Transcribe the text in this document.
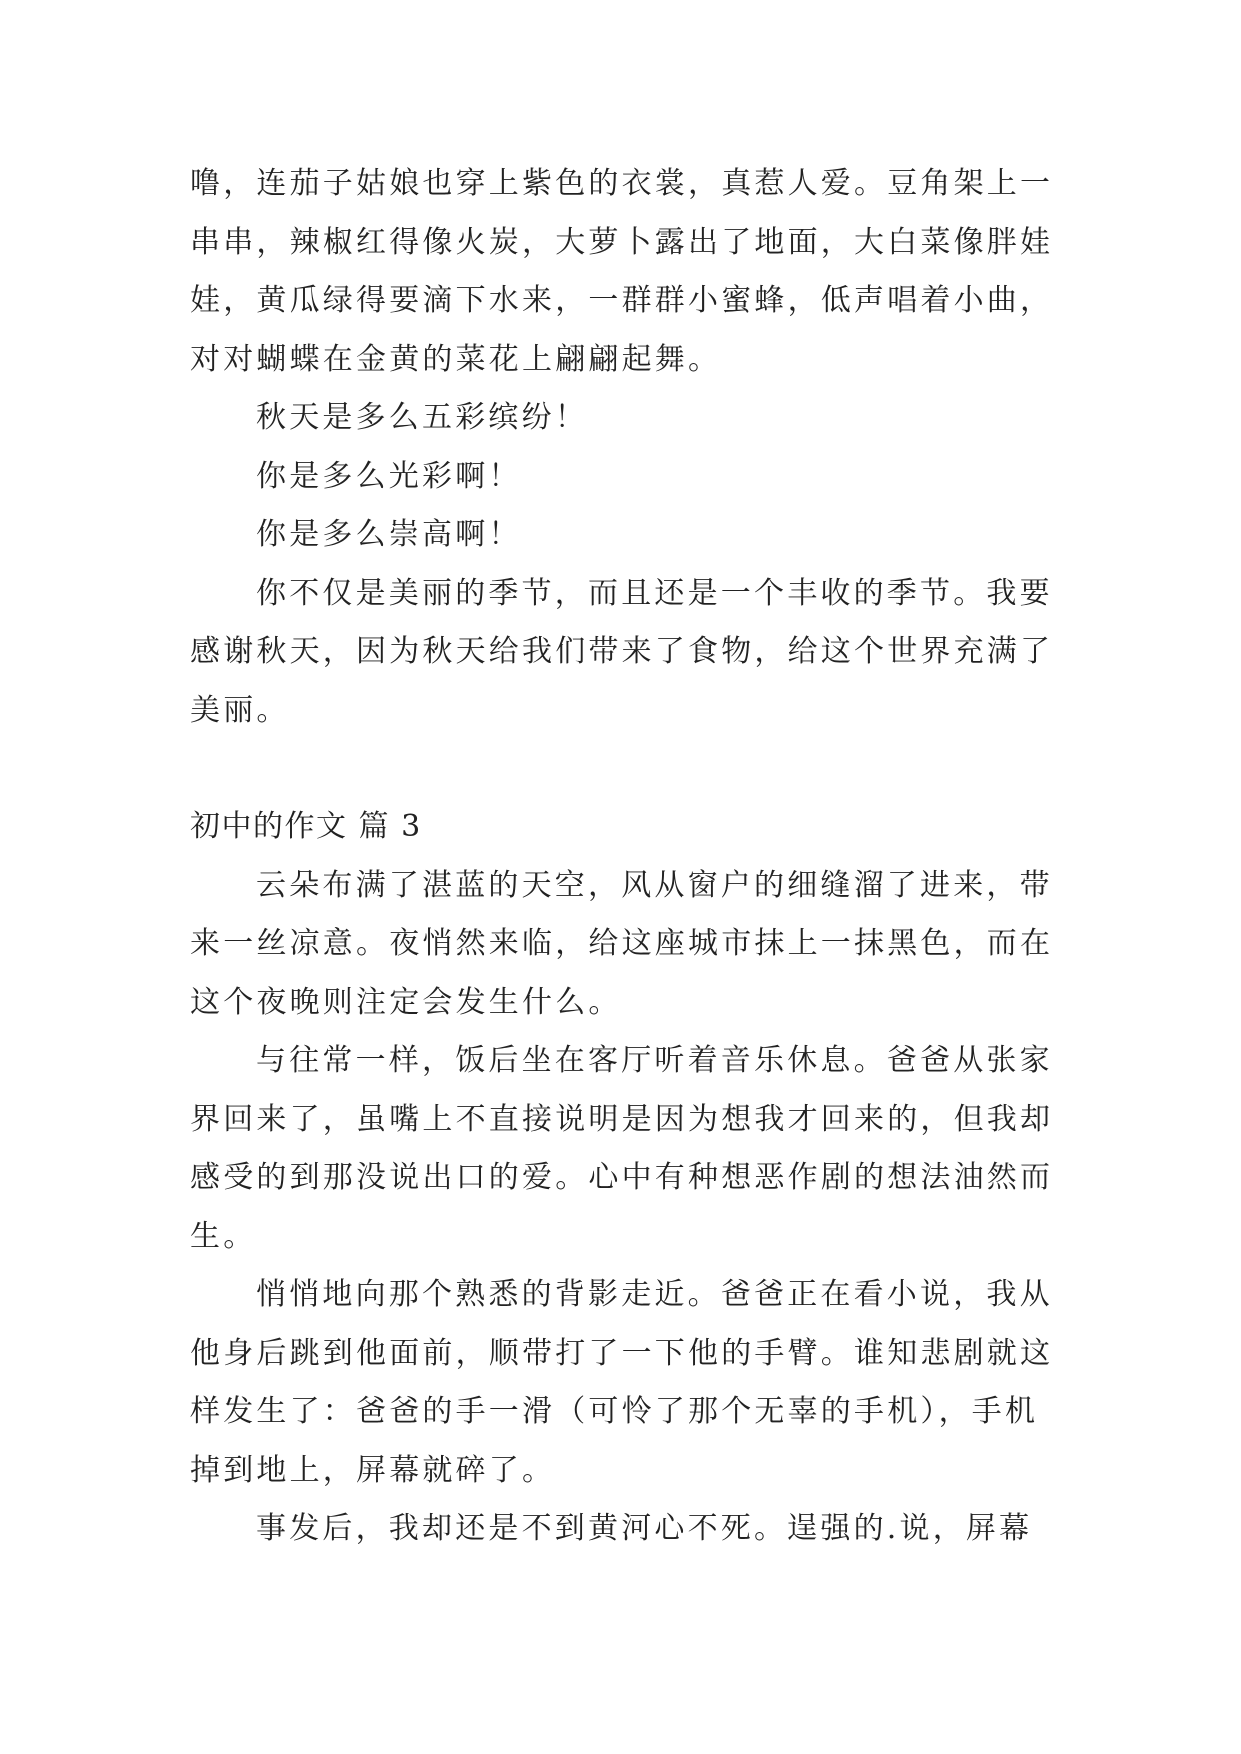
噜，连茄子姑娘也穿上紫色的衣裳，真惹人爱。豆角架上一串串，辣椒红得像火炭，大萝卜露出了地面，大白菜像胖娃娃，黄瓜绿得要滴下水来，一群群小蜜蜂，低声唱着小曲，对对蝴蝶在金黄的菜花上翩翩起舞。

秋天是多么五彩缤纷！

你是多么光彩啊！

你是多么崇高啊！

你不仅是美丽的季节，而且还是一个丰收的季节。我要感谢秋天，因为秋天给我们带来了食物，给这个世界充满了美丽。

初中的作文 篇 3

云朵布满了湛蓝的天空，风从窗户的细缝溜了进来，带来一丝凉意。夜悄然来临，给这座城市抹上一抹黑色，而在这个夜晚则注定会发生什么。

与往常一样，饭后坐在客厅听着音乐休息。爸爸从张家界回来了，虽嘴上不直接说明是因为想我才回来的，但我却感受的到那没说出口的爱。心中有种想恶作剧的想法油然而生。

悄悄地向那个熟悉的背影走近。爸爸正在看小说，我从他身后跳到他面前，顺带打了一下他的手臂。谁知悲剧就这样发生了：爸爸的手一滑（可怜了那个无辜的手机），手机掉到地上，屏幕就碎了。

事发后，我却还是不到黄河心不死。逞强的.说，屏幕
